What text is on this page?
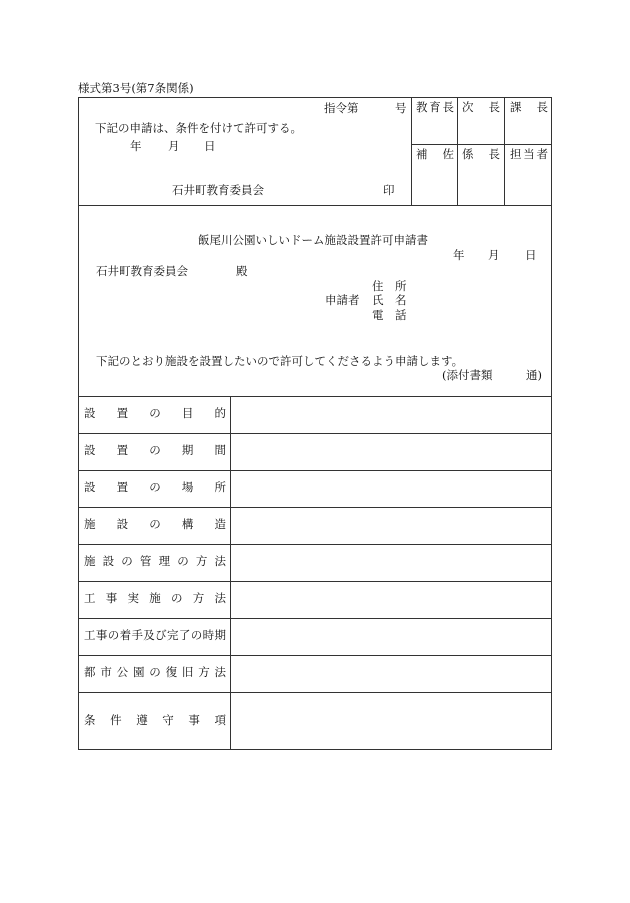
様式第3号(第7条関係)
教 育 長 次 長 課 長
補 佐 係 長 担 当 者
指令第	号
下記の申請は、条件を付けて許可する。
年 月 日
石井町教育委員会	印
飯尾川公園いしいドーム施設設置許可申請書
年 月 日
石井町教育委員会	殿
住　所
申請者 氏　名
電　話
下記のとおり施設を設置したいので許可してくださるよう申請します。
(添付書類	通)
設 置 の 目 的
設 置 の 期 間
設 置 の 場 所
施 設 の 構 造
施 設 の 管 理 の 方 法
工 事 実 施 の 方 法
工 事 の 着 手 及 び 完 了 の 時 期
都 市 公 園 の 復 旧 方 法
条 件 遵 守 事 項
